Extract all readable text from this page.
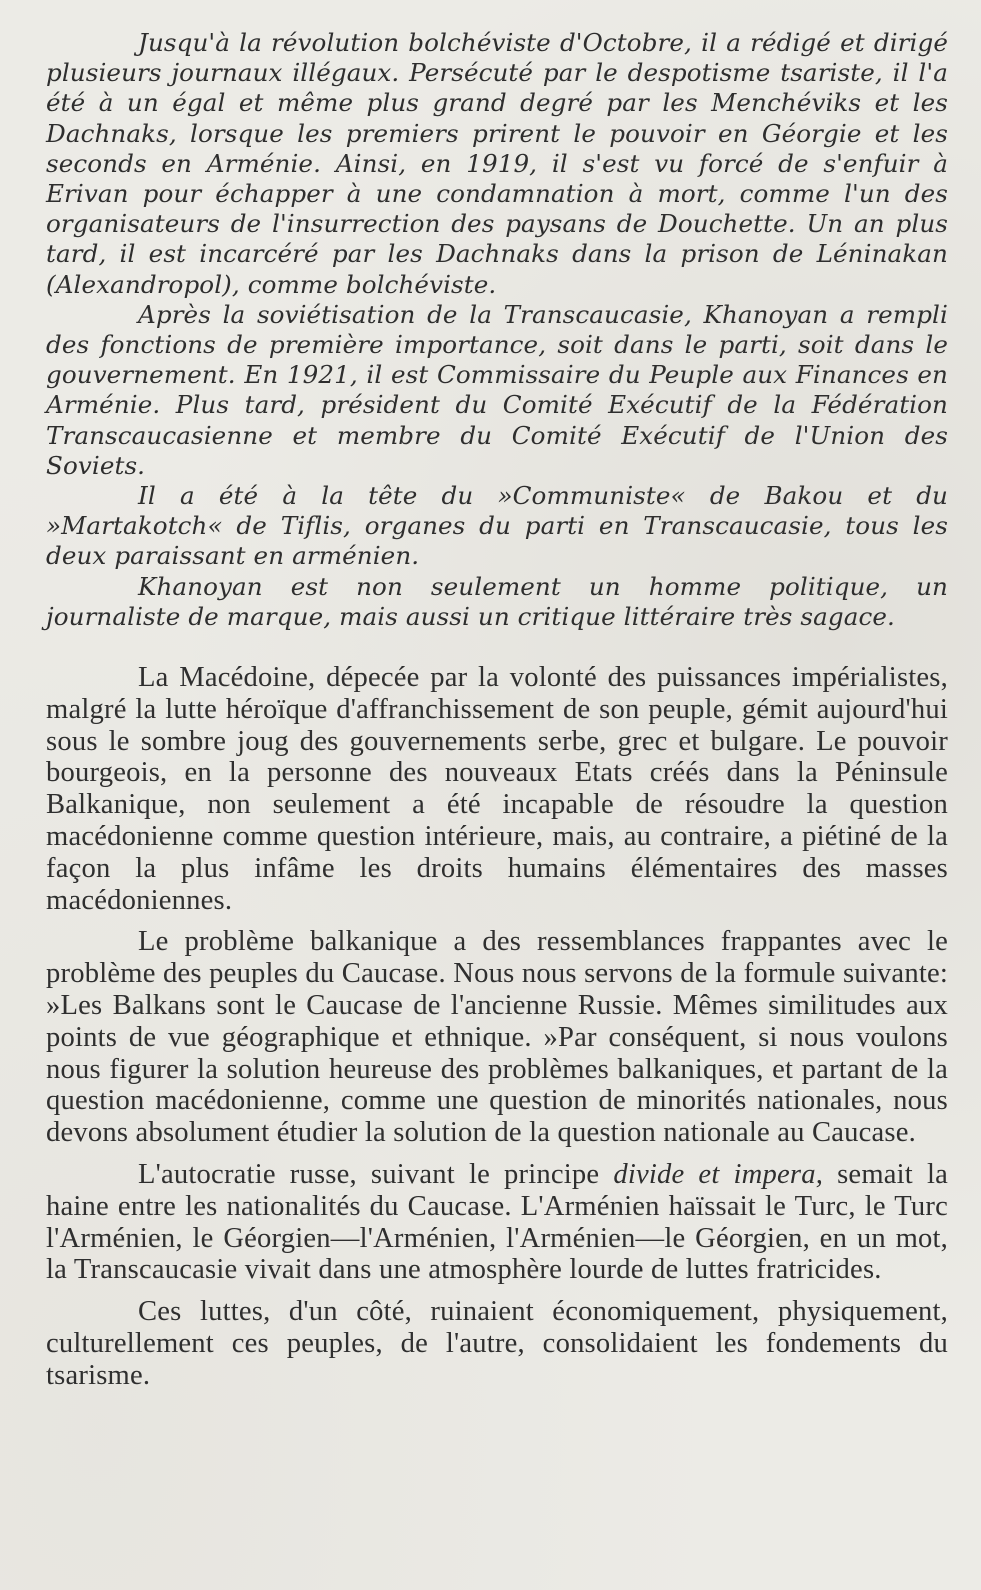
Jusqu'à la révolution bolchéviste d'Octobre, il a rédigé et dirigé plusieurs journaux illégaux. Persécuté par le despotisme tsariste, il l'a été à un égal et même plus grand degré par les Menchéviks et les Dachnaks, lorsque les premiers prirent le pouvoir en Géorgie et les seconds en Arménie. Ainsi, en 1919, il s'est vu forcé de s'enfuir à Erivan pour échapper à une condamnation à mort, comme l'un des organisateurs de l'insurrection des paysans de Douchette. Un an plus tard, il est incarcéré par les Dachnaks dans la prison de Léninakan (Alexandropol), comme bolchéviste.

Après la soviétisation de la Transcaucasie, Khanoyan a rempli des fonctions de première importance, soit dans le parti, soit dans le gouvernement. En 1921, il est Commissaire du Peuple aux Finances en Arménie. Plus tard, président du Comité Exécutif de la Fédération Transcaucasienne et membre du Comité Exécutif de l'Union des Soviets.

Il a été à la tête du »Communiste« de Bakou et du »Martakotch« de Tiflis, organes du parti en Transcaucasie, tous les deux paraissant en arménien.

Khanoyan est non seulement un homme politique, un journaliste de marque, mais aussi un critique littéraire très sagace.

La Macédoine, dépecée par la volonté des puissances impérialistes, malgré la lutte héroïque d'affranchissement de son peuple, gémit aujourd'hui sous le sombre joug des gouvernements serbe, grec et bulgare. Le pouvoir bourgeois, en la personne des nouveaux Etats créés dans la Péninsule Balkanique, non seulement a été incapable de résoudre la question macédonienne comme question intérieure, mais, au contraire, a piétiné de la façon la plus infâme les droits humains élémentaires des masses macédoniennes.

Le problème balkanique a des ressemblances frappantes avec le problème des peuples du Caucase. Nous nous servons de la formule suivante: »Les Balkans sont le Caucase de l'ancienne Russie. Mêmes similitudes aux points de vue géographique et ethnique. »Par conséquent, si nous voulons nous figurer la solution heureuse des problèmes balkaniques, et partant de la question macédonienne, comme une question de minorités nationales, nous devons absolument étudier la solution de la question nationale au Caucase.

L'autocratie russe, suivant le principe divide et impera, semait la haine entre les nationalités du Caucase. L'Arménien haïssait le Turc, le Turc l'Arménien, le Géorgien—l'Arménien, l'Arménien—le Géorgien, en un mot, la Transcaucasie vivait dans une atmosphère lourde de luttes fratricides.

Ces luttes, d'un côté, ruinaient économiquement, physiquement, culturellement ces peuples, de l'autre, consolidaient les fondements du tsarisme.
